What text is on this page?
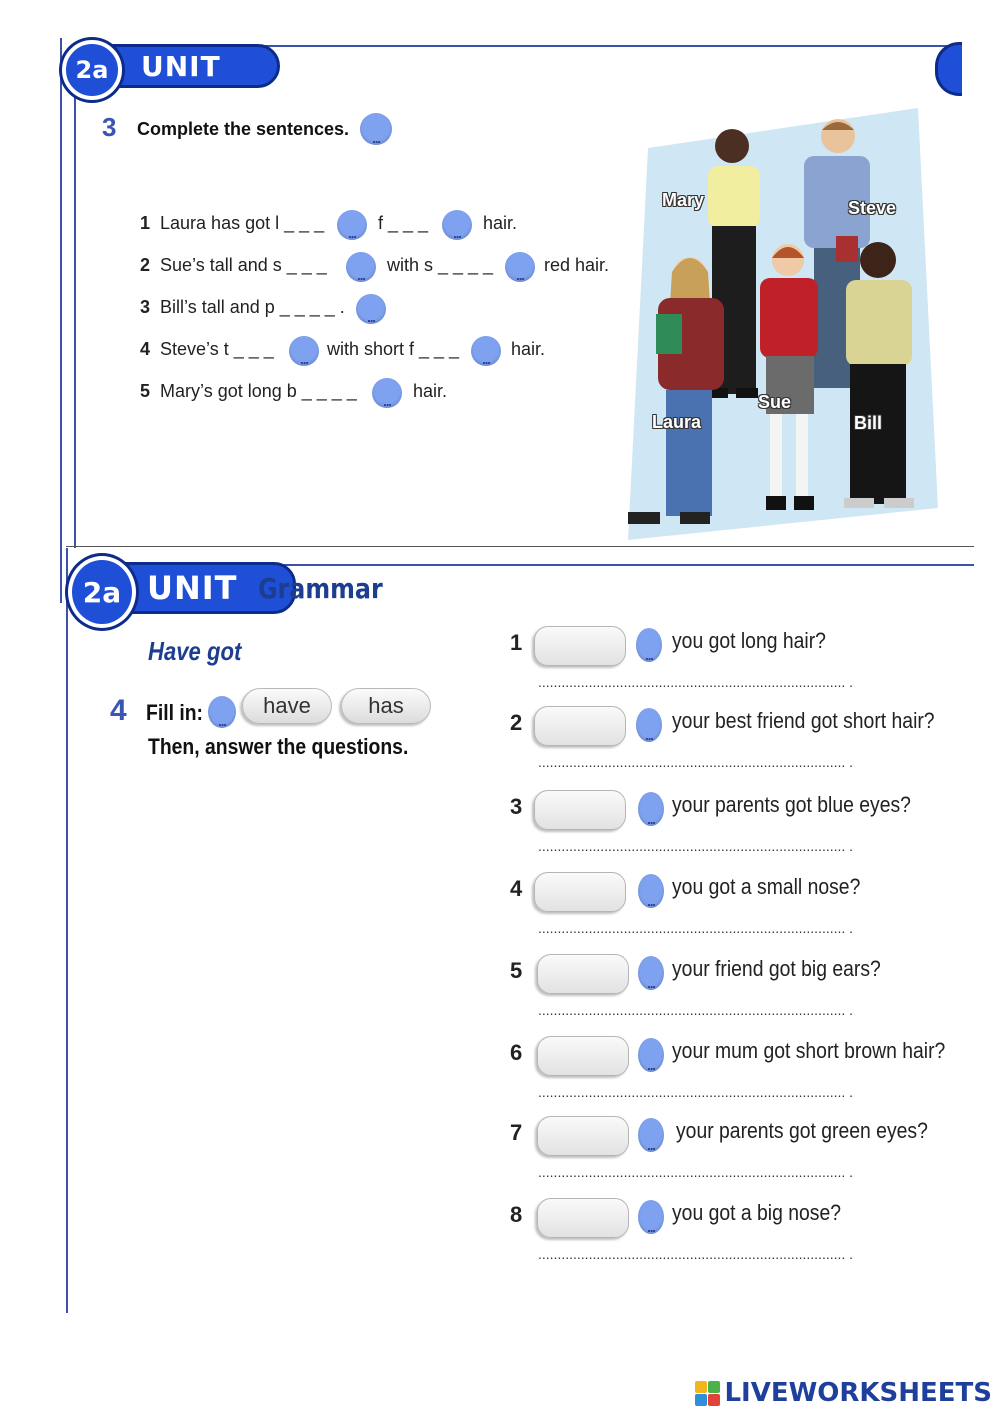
UNIT
2a
3 Complete the sentences.
...
1 Laura has got l _ _ _ ...	f _ _ _ ...	hair.
2 Sue’s tall and s _ _ _ ...	with s _ _ _ _ ...	red hair.
3 Bill’s tall and p _ _ _ _ .
...
4 Steve’s t _ _ _ ...	with short f _ _ _ ...	hair.
5 Mary’s got long b _ _ _ _ ...	hair.
Mary	Steve
Laura
Sue
Bill
UNIT
2a	Grammar
Have got
4 Fill in: ...	have	has
Then, answer the questions.
1 ...	you got long hair?
............................................................................... .
2 ...	your best friend got short hair?
............................................................................... .
3 ...	your parents got blue eyes?
............................................................................... .
4 ...	you got a small nose?
............................................................................... .
5 ...	your friend got big ears?
............................................................................... .
6 ...	your mum got short brown hair?
............................................................................... .
7 ...	your parents got green eyes?
............................................................................... .
8 ...	you got a big nose?
............................................................................... .
LIVEWORKSHEETS
